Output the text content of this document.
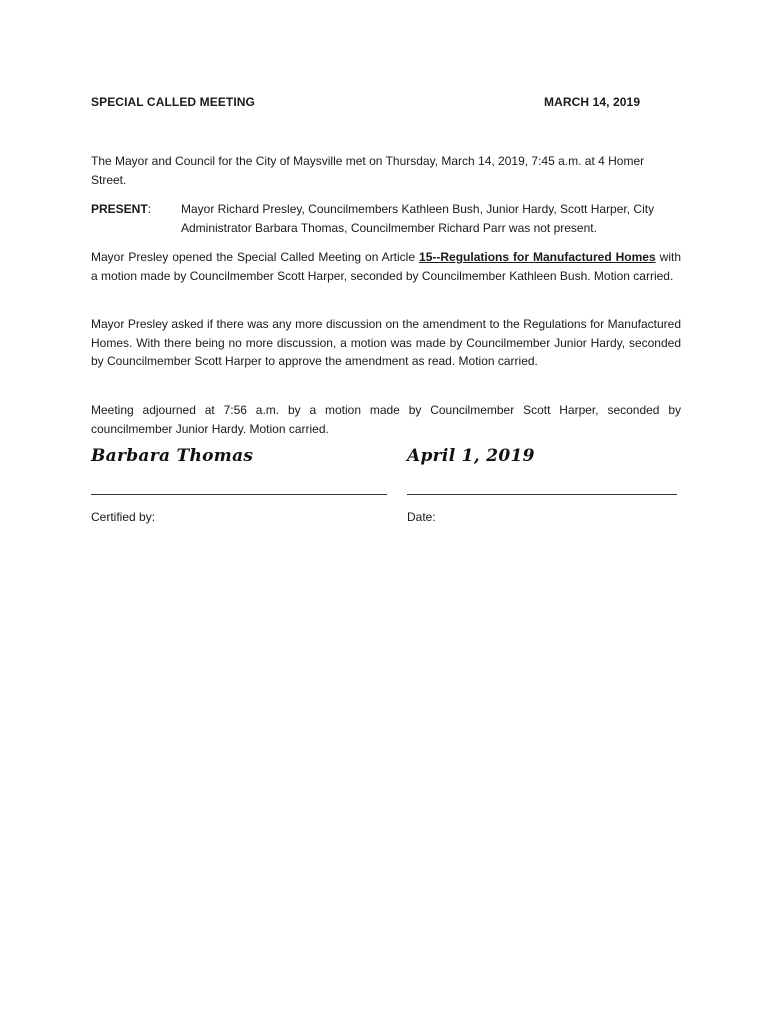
SPECIAL CALLED MEETING	MARCH 14, 2019
The Mayor and Council for the City of Maysville met on Thursday, March 14, 2019, 7:45 a.m. at 4 Homer Street.
PRESENT: Mayor Richard Presley, Councilmembers Kathleen Bush, Junior Hardy, Scott Harper, City Administrator Barbara Thomas, Councilmember Richard Parr was not present.
Mayor Presley opened the Special Called Meeting on Article 15--Regulations for Manufactured Homes with a motion made by Councilmember Scott Harper, seconded by Councilmember Kathleen Bush. Motion carried.
Mayor Presley asked if there was any more discussion on the amendment to the Regulations for Manufactured Homes. With there being no more discussion, a motion was made by Councilmember Junior Hardy, seconded by Councilmember Scott Harper to approve the amendment as read. Motion carried.
Meeting adjourned at 7:56 a.m. by a motion made by Councilmember Scott Harper, seconded by councilmember Junior Hardy. Motion carried.
Barbara Thomas	April 1, 2019
Certified by:	Date:
